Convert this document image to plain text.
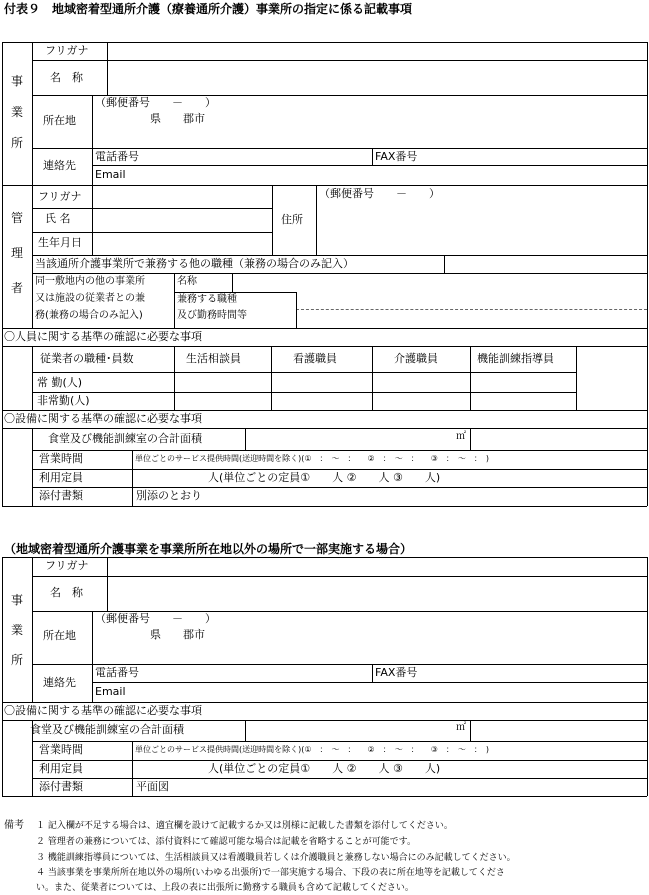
付表９　地域密着型通所介護（療養通所介護）事業所の指定に係る記載事項
事
業
所
フリガナ
名　称
所在地
（郵便番号　　－　　）
県　　郡市
連絡先
電話番号	FAX番号
Email
管
理
者
フリガナ
氏 名
生年月日
住所
（郵便番号　　－　　）
当該通所介護事業所で兼務する他の職種（兼務の場合のみ記入）
同一敷地内の他の事業所
又は施設の従業者との兼
務(兼務の場合のみ記入)
名称
兼務する職種
及び勤務時間等
〇人員に関する基準の確認に必要な事項
従業者の職種･員数	生活相談員	看護職員	介護職員	機能訓練指導員
常 勤(人)
非常勤(人)
〇設備に関する基準の確認に必要な事項
食堂及び機能訓練室の合計面積	㎡
営業時間	単位ごとのサービス提供時間(送迎時間を除く)(①　：　～　：　　②　：　～　：　　③　：　～　：　)
利用定員	人(単位ごとの定員①　　人 ②　　人 ③　　人)
添付書類	別添のとおり
（地域密着型通所介護事業を事業所所在地以外の場所で一部実施する場合）
事
業
所
フリガナ
名　称
所在地
（郵便番号　　－　　）
県　　郡市
連絡先
電話番号	FAX番号
Email
〇設備に関する基準の確認に必要な事項
食堂及び機能訓練室の合計面積	㎡
営業時間	単位ごとのサービス提供時間(送迎時間を除く)(①　：　～　：　　②　：　～　：　　③　：　～　：　)
利用定員	人(単位ごとの定員①　　人 ②　　人 ③　　人)
添付書類	平面図
備考 １ 記入欄が不足する場合は、適宜欄を設けて記載するか又は別様に記載した書類を添付してください。
２ 管理者の兼務については、添付資料にて確認可能な場合は記載を省略することが可能です。
３ 機能訓練指導員については、生活相談員又は看護職員若しくは介護職員と兼務しない場合にのみ記載してください。
４ 当該事業を事業所所在地以外の場所(いわゆる出張所)で一部実施する場合、下段の表に所在地等を記載してくださ
い。また、従業者については、上段の表に出張所に勤務する職員も含めて記載してください。
